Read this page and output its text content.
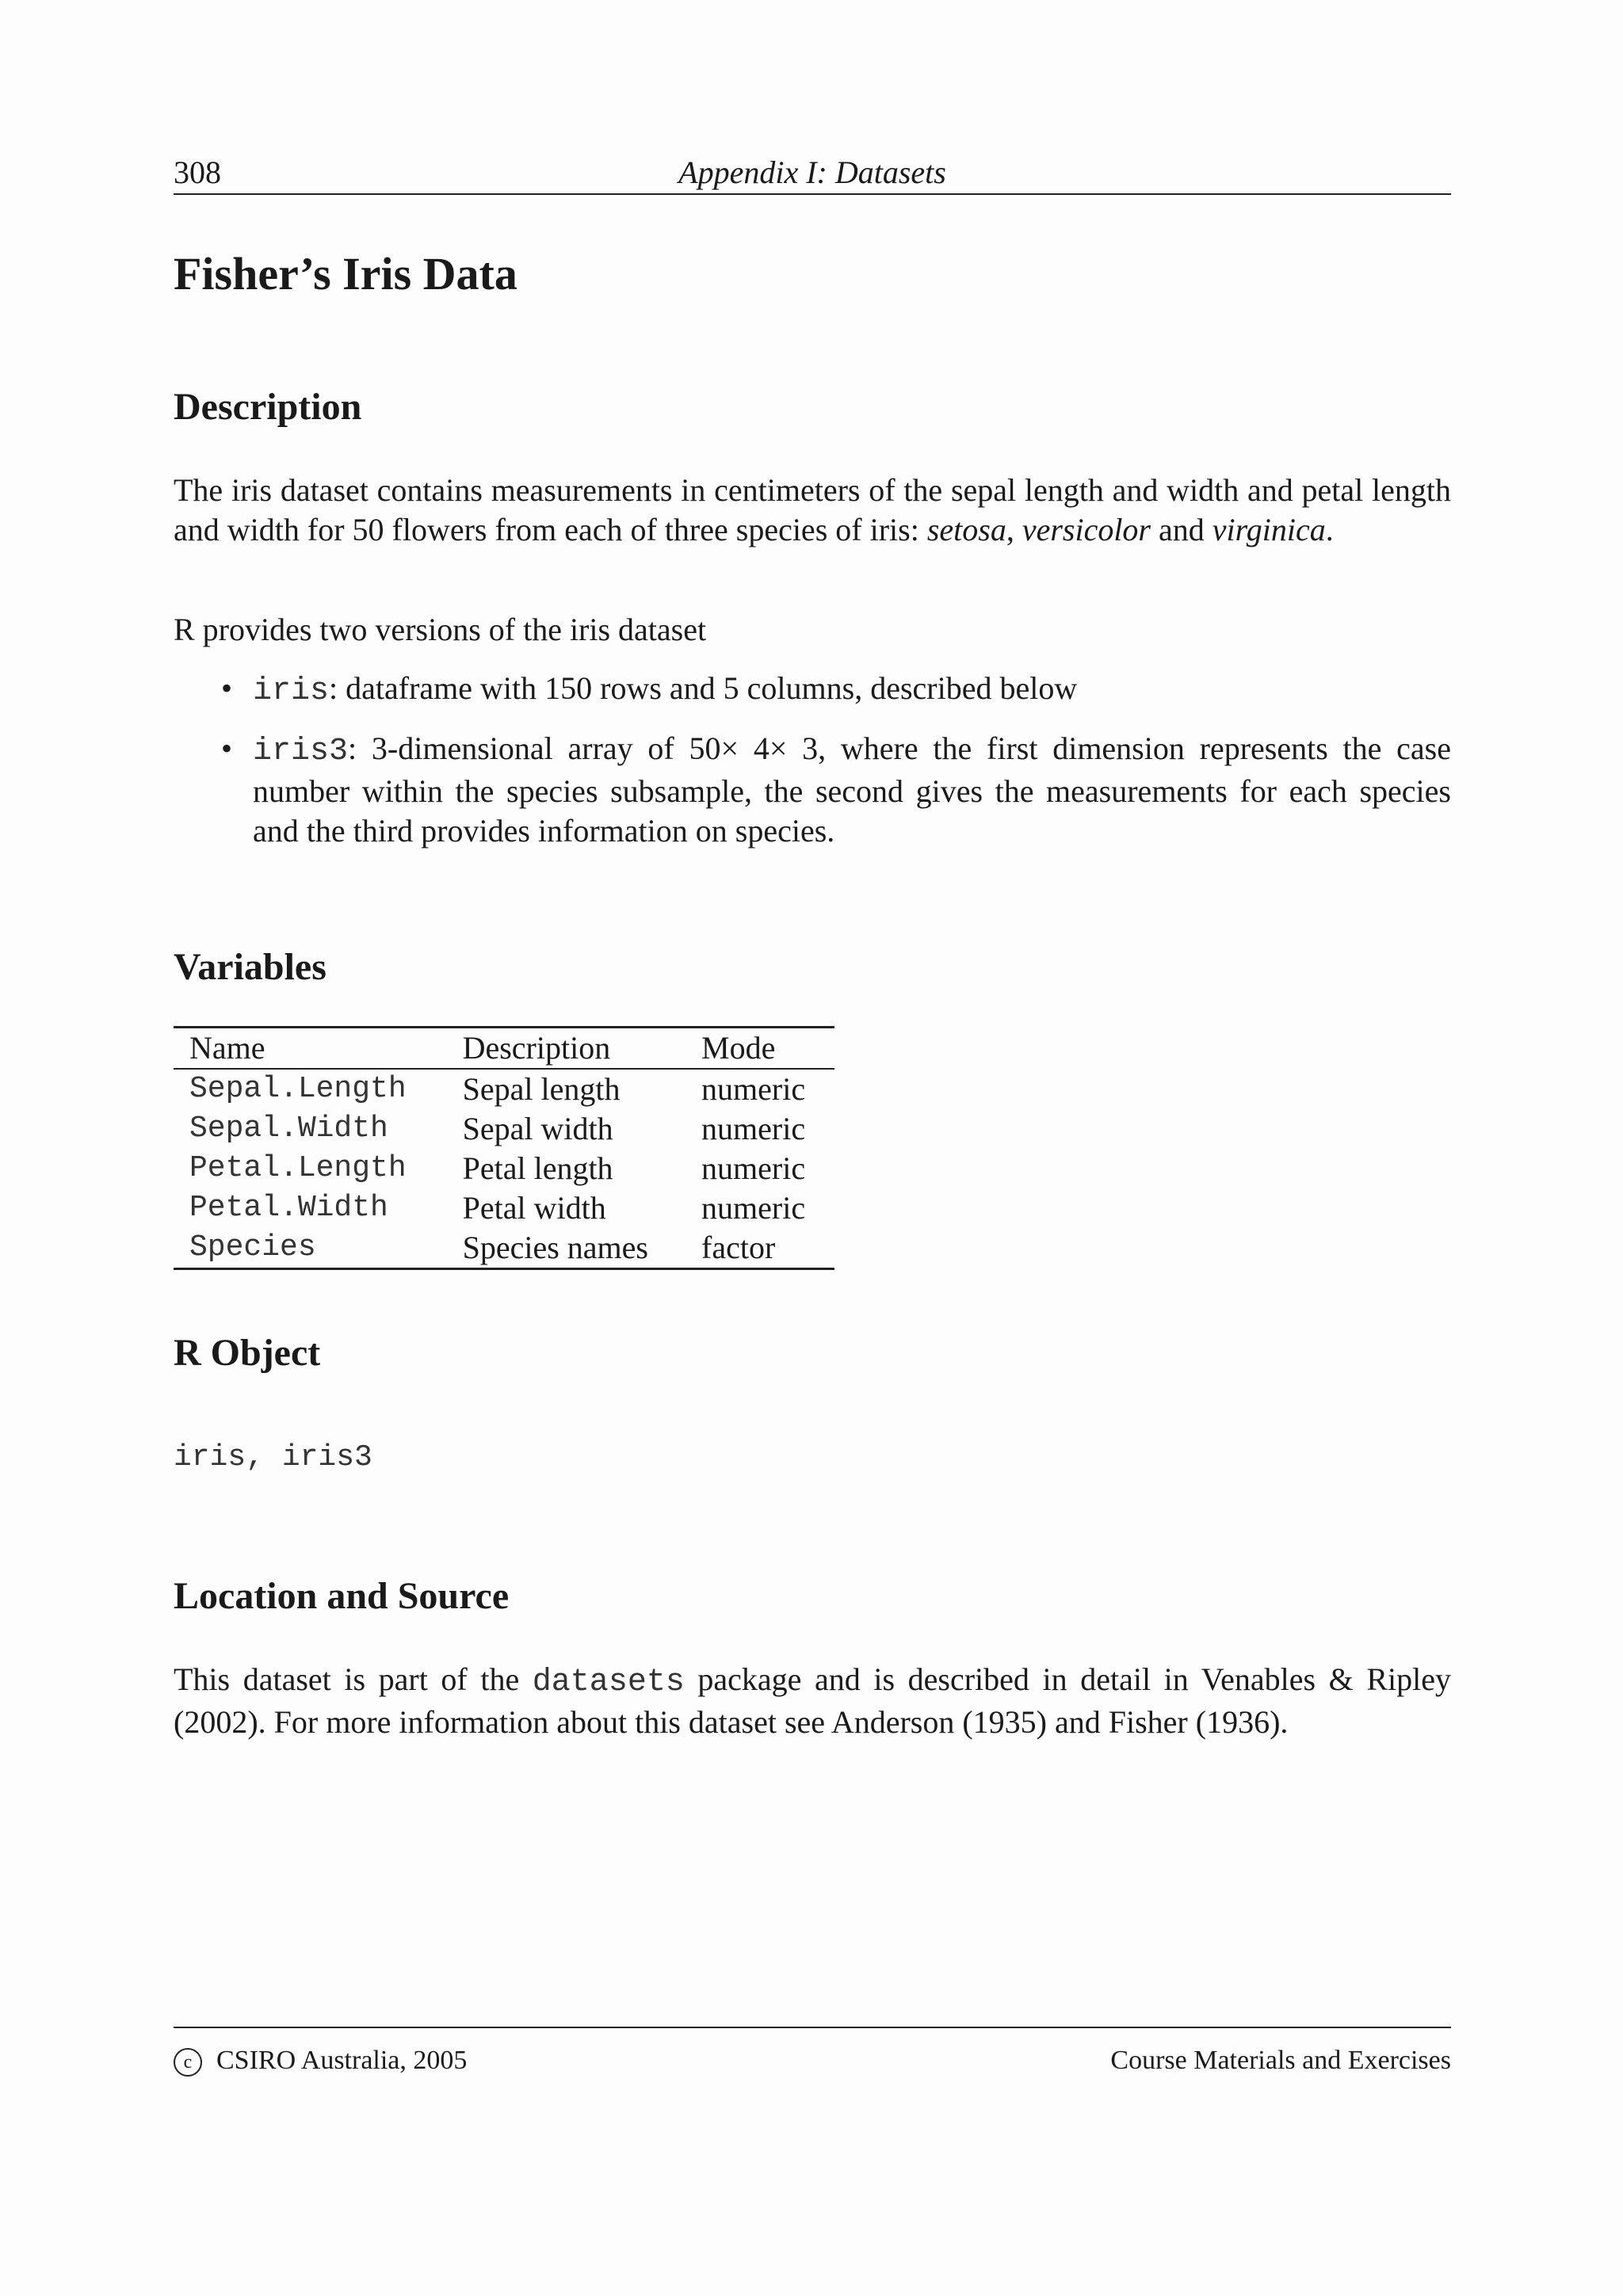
308	Appendix I: Datasets
Fisher’s Iris Data
Description

The iris dataset contains measurements in centimeters of the sepal length and width and petal length and width for 50 flowers from each of three species of iris: setosa, versicolor and virginica.

R provides two versions of the iris dataset

• iris: dataframe with 150 rows and 5 columns, described below
• iris3: 3-dimensional array of 50× 4× 3, where the first dimension represents the case number within the species subsample, the second gives the measurements for each species and the third provides information on species.
Variables
Name	Description	Mode
Sepal.Length	Sepal length	numeric
Sepal.Width	Sepal width	numeric
Petal.Length	Petal length	numeric
Petal.Width	Petal width	numeric
Species	Species names	factor
R Object
iris, iris3
Location and Source

This dataset is part of the datasets package and is described in detail in Venables & Ripley (2002). For more information about this dataset see Anderson (1935) and Fisher (1936).

c CSIRO Australia, 2005	Course Materials and Exercises
